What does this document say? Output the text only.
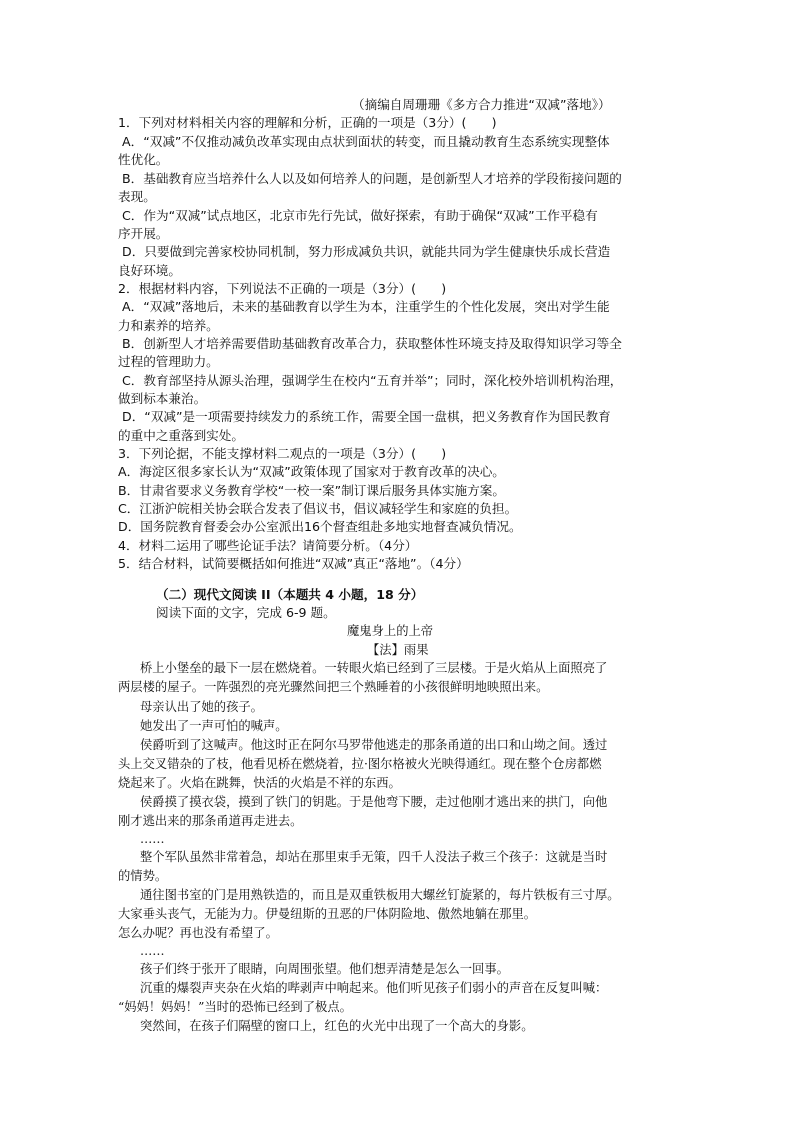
（摘编自周珊珊《多方合力推进“双减”落地》）
1．下列对材料相关内容的理解和分析，正确的一项是（3分）(　　)
A．“双减”不仅推动减负改革实现由点状到面状的转变，而且撬动教育生态系统实现整体
性优化。
B．基础教育应当培养什么人以及如何培养人的问题，是创新型人才培养的学段衔接问题的
表现。
C．作为“双减”试点地区，北京市先行先试，做好探索，有助于确保“双减”工作平稳有
序开展。
D．只要做到完善家校协同机制，努力形成减负共识，就能共同为学生健康快乐成长营造
良好环境。
2．根据材料内容，下列说法不正确的一项是（3分）(　　)
A．“双减”落地后，未来的基础教育以学生为本，注重学生的个性化发展，突出对学生能
力和素养的培养。
B．创新型人才培养需要借助基础教育改革合力，获取整体性环境支持及取得知识学习等全
过程的管理助力。
C．教育部坚持从源头治理，强调学生在校内“五育并举”；同时，深化校外培训机构治理，
做到标本兼治。
D．“双减”是一项需要持续发力的系统工作，需要全国一盘棋，把义务教育作为国民教育
的重中之重落到实处。
3．下列论据，不能支撑材料二观点的一项是（3分）(　　)
A．海淀区很多家长认为“双减”政策体现了国家对于教育改革的决心。
B．甘肃省要求义务教育学校“一校一案”制订课后服务具体实施方案。
C．江浙沪皖相关协会联合发表了倡议书，倡议减轻学生和家庭的负担。
D．国务院教育督委会办公室派出16个督查组赴多地实地督查减负情况。
4．材料二运用了哪些论证手法？请简要分析。（4分）
5．结合材料，试简要概括如何推进“双减”真正“落地”。（4分）
（二）现代文阅读 II（本题共 4 小题，18 分）
阅读下面的文字，完成 6-9 题。
魔鬼身上的上帝
【法】雨果
桥上小堡垒的最下一层在燃烧着。一转眼火焰已经到了三层楼。于是火焰从上面照亮了
两层楼的屋子。一阵强烈的亮光骤然间把三个熟睡着的小孩很鲜明地映照出来。
母亲认出了她的孩子。
她发出了一声可怕的喊声。
侯爵听到了这喊声。他这时正在阿尔马罗带他逃走的那条甬道的出口和山坳之间。透过
头上交叉错杂的了枝，他看见桥在燃烧着，拉·图尔格被火光映得通红。现在整个仓房都燃
烧起来了。火焰在跳舞，快活的火焰是不祥的东西。
侯爵摸了摸衣袋，摸到了铁门的钥匙。于是他弯下腰，走过他刚才逃出来的拱门，向他
刚才逃出来的那条甬道再走进去。
……
整个军队虽然非常着急，却站在那里束手无策，四千人没法子救三个孩子：这就是当时
的情势。
通往图书室的门是用熟铁造的，而且是双重铁板用大螺丝钉旋紧的，每片铁板有三寸厚。
大家垂头丧气，无能为力。伊曼纽斯的丑恶的尸体阴险地、傲然地躺在那里。
怎么办呢？再也没有希望了。
……
孩子们终于张开了眼睛，向周围张望。他们想弄清楚是怎么一回事。
沉重的爆裂声夹杂在火焰的哔剥声中响起来。他们听见孩子们弱小的声音在反复叫喊：
“妈妈！妈妈！”当时的恐怖已经到了极点。
突然间，在孩子们隔壁的窗口上，红色的火光中出现了一个高大的身影。
